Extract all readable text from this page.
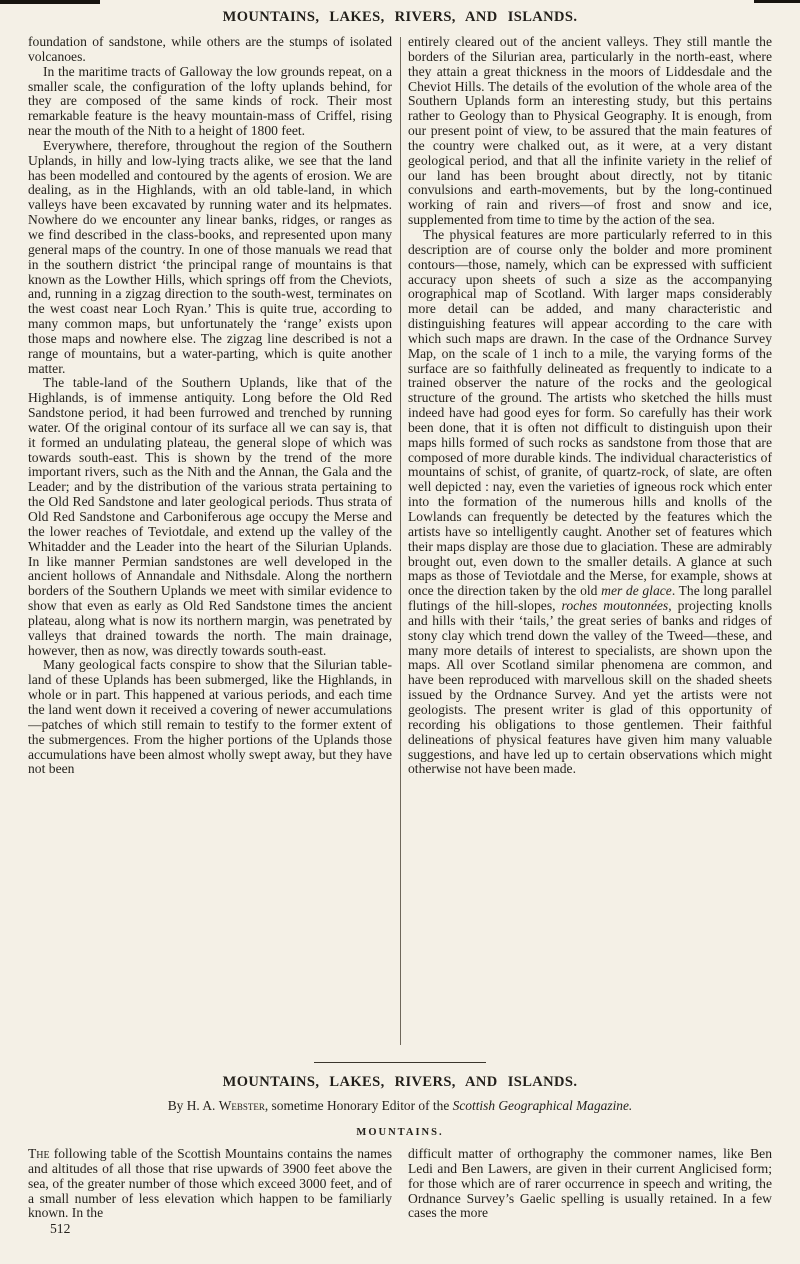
MOUNTAINS, LAKES, RIVERS, AND ISLANDS.

foundation of sandstone, while others are the stumps of isolated volcanoes.

In the maritime tracts of Galloway the low grounds repeat, on a smaller scale, the configuration of the lofty uplands behind, for they are composed of the same kinds of rock. Their most remarkable feature is the heavy mountain-mass of Criffel, rising near the mouth of the Nith to a height of 1800 feet.

Everywhere, therefore, throughout the region of the Southern Uplands, in hilly and low-lying tracts alike, we see that the land has been modelled and contoured by the agents of erosion. We are dealing, as in the Highlands, with an old table-land, in which valleys have been excavated by running water and its helpmates. Nowhere do we encounter any linear banks, ridges, or ranges as we find described in the class-books, and represented upon many general maps of the country. In one of those manuals we read that in the southern district ‘the principal range of mountains is that known as the Lowther Hills, which springs off from the Cheviots, and, running in a zigzag direction to the south-west, terminates on the west coast near Loch Ryan.’ This is quite true, according to many common maps, but unfortunately the ‘range’ exists upon those maps and nowhere else. The zigzag line described is not a range of mountains, but a water-parting, which is quite another matter.

The table-land of the Southern Uplands, like that of the Highlands, is of immense antiquity. Long before the Old Red Sandstone period, it had been furrowed and trenched by running water. Of the original contour of its surface all we can say is, that it formed an undulating plateau, the general slope of which was towards south-east. This is shown by the trend of the more important rivers, such as the Nith and the Annan, the Gala and the Leader; and by the distribution of the various strata pertaining to the Old Red Sandstone and later geological periods. Thus strata of Old Red Sandstone and Carboniferous age occupy the Merse and the lower reaches of Teviotdale, and extend up the valley of the Whitadder and the Leader into the heart of the Silurian Uplands. In like manner Permian sandstones are well developed in the ancient hollows of Annandale and Nithsdale. Along the northern borders of the Southern Uplands we meet with similar evidence to show that even as early as Old Red Sandstone times the ancient plateau, along what is now its northern margin, was penetrated by valleys that drained towards the north. The main drainage, however, then as now, was directly towards south-east.

Many geological facts conspire to show that the Silurian table-land of these Uplands has been submerged, like the Highlands, in whole or in part. This happened at various periods, and each time the land went down it received a covering of newer accumulations—patches of which still remain to testify to the former extent of the submergences. From the higher portions of the Uplands those accumulations have been almost wholly swept away, but they have not been

entirely cleared out of the ancient valleys. They still mantle the borders of the Silurian area, particularly in the north-east, where they attain a great thickness in the moors of Liddesdale and the Cheviot Hills. The details of the evolution of the whole area of the Southern Uplands form an interesting study, but this pertains rather to Geology than to Physical Geography. It is enough, from our present point of view, to be assured that the main features of the country were chalked out, as it were, at a very distant geological period, and that all the infinite variety in the relief of our land has been brought about directly, not by titanic convulsions and earth-movements, but by the long-continued working of rain and rivers—of frost and snow and ice, supplemented from time to time by the action of the sea.

The physical features are more particularly referred to in this description are of course only the bolder and more prominent contours—those, namely, which can be expressed with sufficient accuracy upon sheets of such a size as the accompanying orographical map of Scotland. With larger maps considerably more detail can be added, and many characteristic and distinguishing features will appear according to the care with which such maps are drawn. In the case of the Ordnance Survey Map, on the scale of 1 inch to a mile, the varying forms of the surface are so faithfully delineated as frequently to indicate to a trained observer the nature of the rocks and the geological structure of the ground. The artists who sketched the hills must indeed have had good eyes for form. So carefully has their work been done, that it is often not difficult to distinguish upon their maps hills formed of such rocks as sandstone from those that are composed of more durable kinds. The individual characteristics of mountains of schist, of granite, of quartz-rock, of slate, are often well depicted : nay, even the varieties of igneous rock which enter into the formation of the numerous hills and knolls of the Lowlands can frequently be detected by the features which the artists have so intelligently caught. Another set of features which their maps display are those due to glaciation. These are admirably brought out, even down to the smaller details. A glance at such maps as those of Teviotdale and the Merse, for example, shows at once the direction taken by the old mer de glace. The long parallel flutings of the hill-slopes, roches moutonnées, projecting knolls and hills with their ‘tails,’ the great series of banks and ridges of stony clay which trend down the valley of the Tweed—these, and many more details of interest to specialists, are shown upon the maps. All over Scotland similar phenomena are common, and have been reproduced with marvellous skill on the shaded sheets issued by the Ordnance Survey. And yet the artists were not geologists. The present writer is glad of this opportunity of recording his obligations to those gentlemen. Their faithful delineations of physical features have given him many valuable suggestions, and have led up to certain observations which might otherwise not have been made.

MOUNTAINS, LAKES, RIVERS, AND ISLANDS.
By H. A. Webster, sometime Honorary Editor of the Scottish Geographical Magazine.
MOUNTAINS.

The following table of the Scottish Mountains contains the names and altitudes of all those that rise upwards of 3900 feet above the sea, of the greater number of those which exceed 3000 feet, and of a small number of less elevation which happen to be familiarly known. In the

512

difficult matter of orthography the commoner names, like Ben Ledi and Ben Lawers, are given in their current Anglicised form; for those which are of rarer occurrence in speech and writing, the Ordnance Survey’s Gaelic spelling is usually retained. In a few cases the more
